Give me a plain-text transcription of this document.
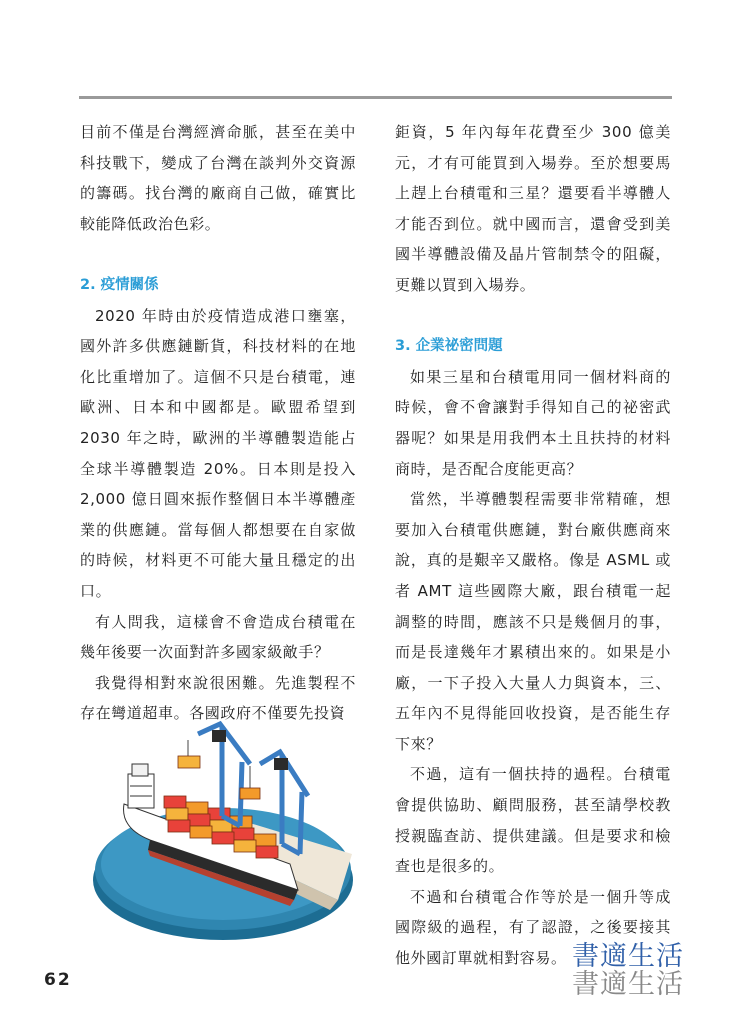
目前不僅是台灣經濟命脈，甚至在美中科技戰下，變成了台灣在談判外交資源的籌碼。找台灣的廠商自己做，確實比較能降低政治色彩。

2. 疫情關係

2020 年時由於疫情造成港口壅塞，國外許多供應鏈斷貨，科技材料的在地化比重增加了。這個不只是台積電，連歐洲、日本和中國都是。歐盟希望到 2030 年之時，歐洲的半導體製造能占全球半導體製造 20%。日本則是投入 2,000 億日圓來振作整個日本半導體產業的供應鏈。當每個人都想要在自家做的時候，材料更不可能大量且穩定的出口。

有人問我，這樣會不會造成台積電在幾年後要一次面對許多國家級敵手？

我覺得相對來說很困難。先進製程不存在彎道超車。各國政府不僅要先投資

鉅資，5 年內每年花費至少 300 億美元，才有可能買到入場券。至於想要馬上趕上台積電和三星？還要看半導體人才能否到位。就中國而言，還會受到美國半導體設備及晶片管制禁令的阻礙，更難以買到入場券。

3. 企業祕密問題

如果三星和台積電用同一個材料商的時候，會不會讓對手得知自己的祕密武器呢？如果是用我們本土且扶持的材料商時，是否配合度能更高？

當然，半導體製程需要非常精確，想要加入台積電供應鏈，對台廠供應商來說，真的是艱辛又嚴格。像是 ASML 或者 AMT 這些國際大廠，跟台積電一起調整的時間，應該不只是幾個月的事，而是長達幾年才累積出來的。如果是小廠，一下子投入大量人力與資本，三、五年內不見得能回收投資，是否能生存下來？

不過，這有一個扶持的過程。台積電會提供協助、顧問服務，甚至請學校教授親臨查訪、提供建議。但是要求和檢查也是很多的。

不過和台積電合作等於是一個升等成國際級的過程，有了認證，之後要接其他外國訂單就相對容易。

62
書適生活
書適生活
